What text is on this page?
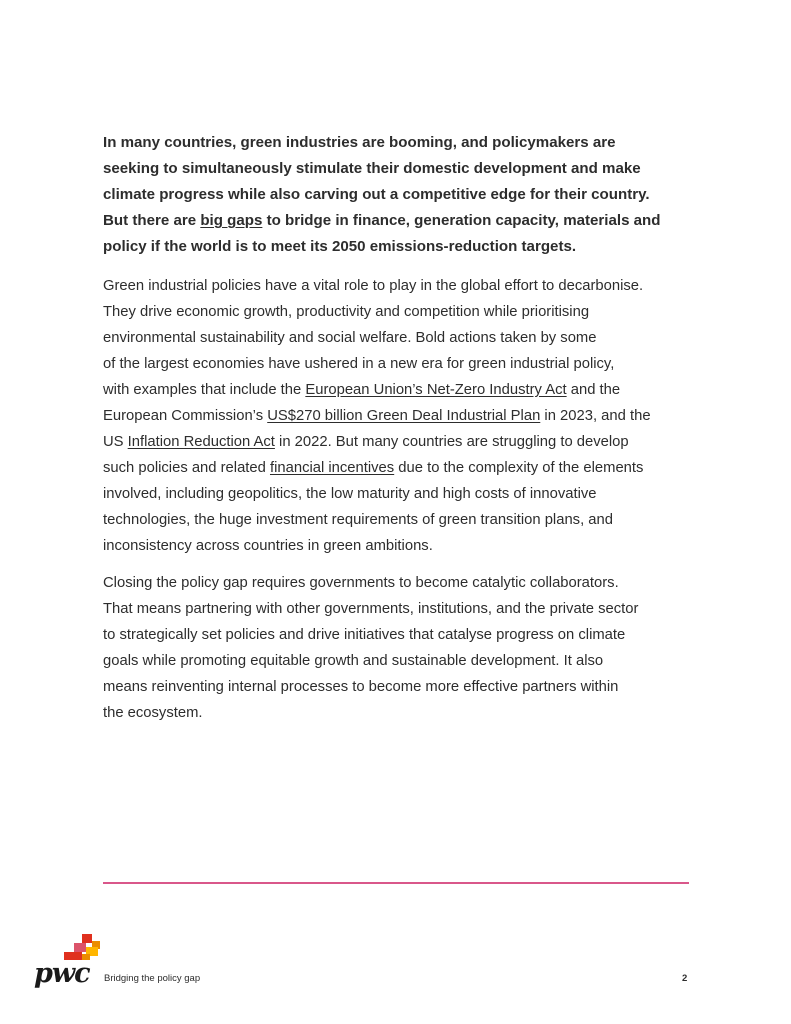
In many countries, green industries are booming, and policymakers are
seeking to simultaneously stimulate their domestic development and make
climate progress while also carving out a competitive edge for their country.
But there are big gaps to bridge in finance, generation capacity, materials and
policy if the world is to meet its 2050 emissions-reduction targets.

Green industrial policies have a vital role to play in the global effort to decarbonise.
They drive economic growth, productivity and competition while prioritising
environmental sustainability and social welfare. Bold actions taken by some
of the largest economies have ushered in a new era for green industrial policy,
with examples that include the European Union’s Net-Zero Industry Act and the
European Commission’s US$270 billion Green Deal Industrial Plan in 2023, and the
US Inflation Reduction Act in 2022. But many countries are struggling to develop
such policies and related financial incentives due to the complexity of the elements
involved, including geopolitics, the low maturity and high costs of innovative
technologies, the huge investment requirements of green transition plans, and
inconsistency across countries in green ambitions.

Closing the policy gap requires governments to become catalytic collaborators.
That means partnering with other governments, institutions, and the private sector
to strategically set policies and drive initiatives that catalyse progress on climate
goals while promoting equitable growth and sustainable development. It also
means reinventing internal processes to become more effective partners within
the ecosystem.

pwc Bridging the policy gap	2
